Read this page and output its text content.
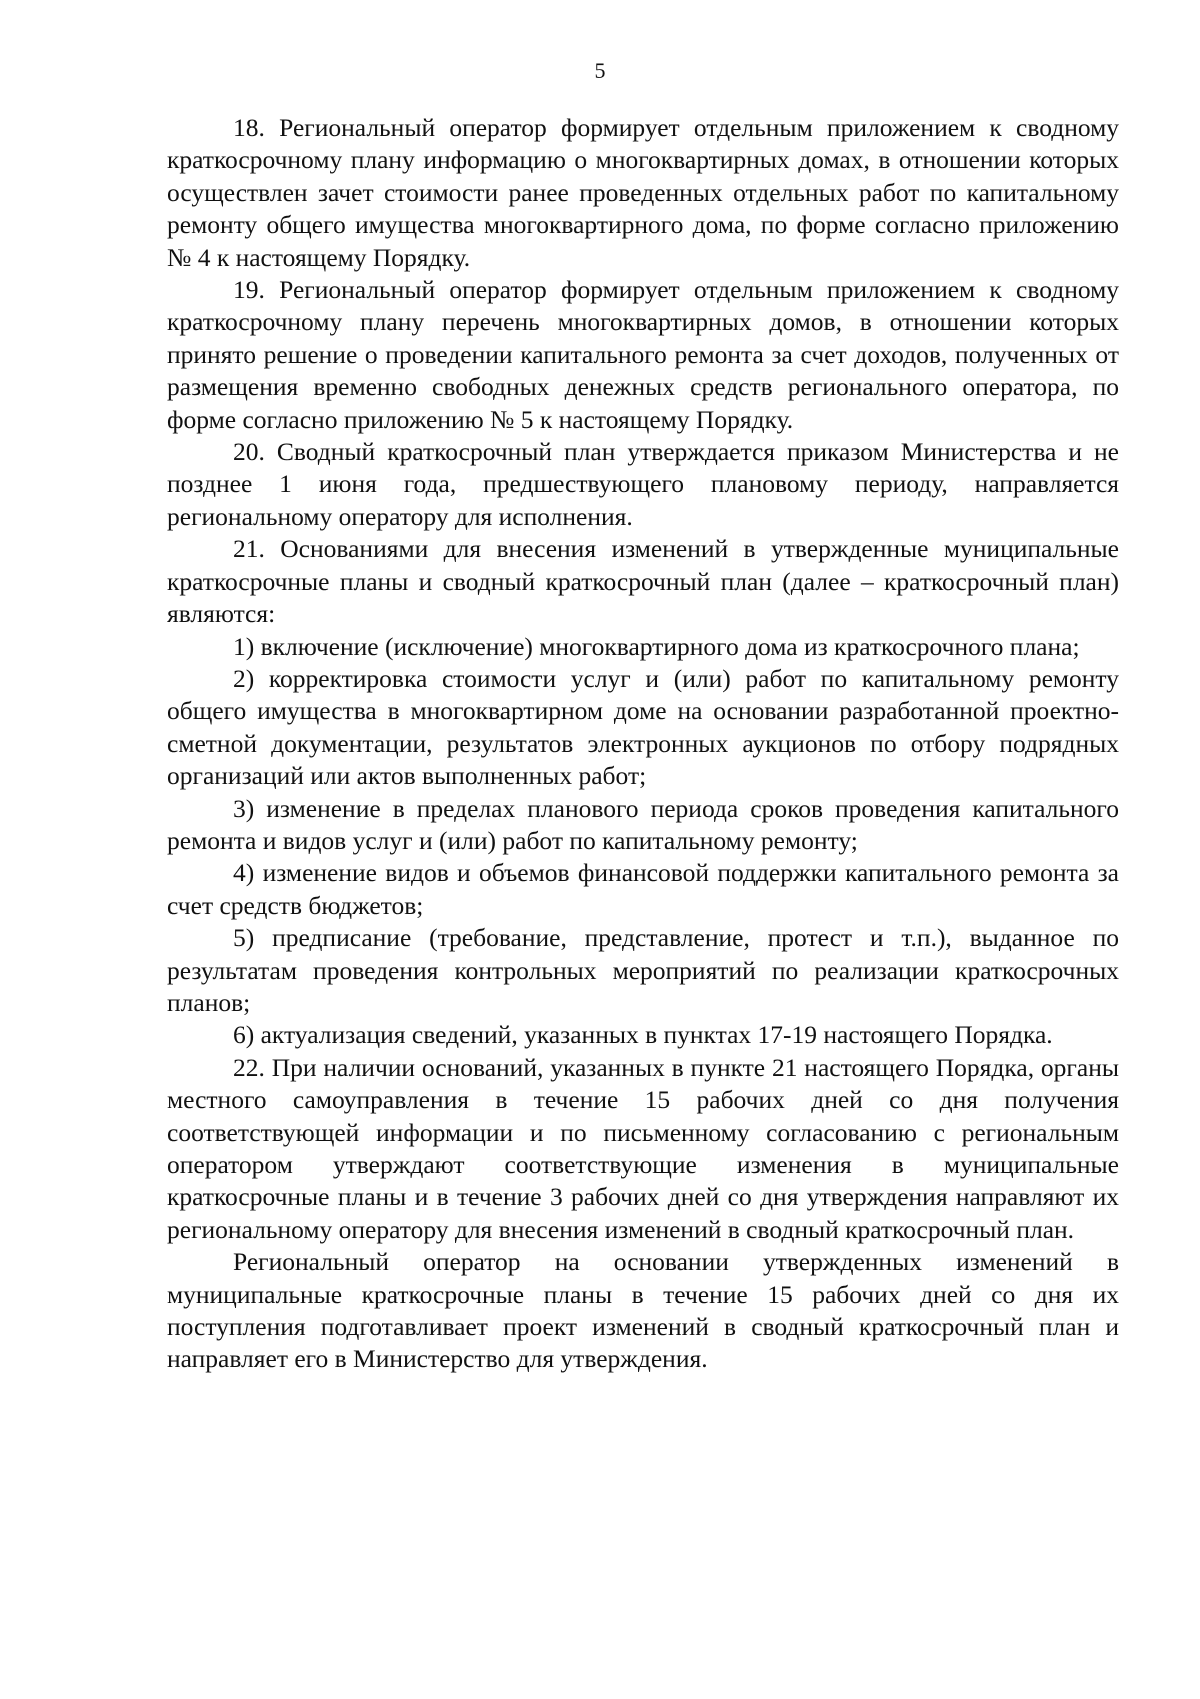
5

18. Региональный оператор формирует отдельным приложением к сводному краткосрочному плану информацию о многоквартирных домах, в отношении которых осуществлен зачет стоимости ранее проведенных отдельных работ по капитальному ремонту общего имущества многоквартирного дома, по форме согласно приложению № 4 к настоящему Порядку.

19. Региональный оператор формирует отдельным приложением к сводному краткосрочному плану перечень многоквартирных домов, в отношении которых принято решение о проведении капитального ремонта за счет доходов, полученных от размещения временно свободных денежных средств регионального оператора, по форме согласно приложению № 5 к настоящему Порядку.

20. Сводный краткосрочный план утверждается приказом Министерства и не позднее 1 июня года, предшествующего плановому периоду, направляется региональному оператору для исполнения.

21. Основаниями для внесения изменений в утвержденные муниципальные краткосрочные планы и сводный краткосрочный план (далее – краткосрочный план) являются:

1) включение (исключение) многоквартирного дома из краткосрочного плана;

2) корректировка стоимости услуг и (или) работ по капитальному ремонту общего имущества в многоквартирном доме на основании разработанной проектно-сметной документации, результатов электронных аукционов по отбору подрядных организаций или актов выполненных работ;

3) изменение в пределах планового периода сроков проведения капитального ремонта и видов услуг и (или) работ по капитальному ремонту;

4) изменение видов и объемов финансовой поддержки капитального ремонта за счет средств бюджетов;

5) предписание (требование, представление, протест и т.п.), выданное по результатам проведения контрольных мероприятий по реализации краткосрочных планов;

6) актуализация сведений, указанных в пунктах 17-19 настоящего Порядка.

22. При наличии оснований, указанных в пункте 21 настоящего Порядка, органы местного самоуправления в течение 15 рабочих дней со дня получения соответствующей информации и по письменному согласованию с региональным оператором утверждают соответствующие изменения в муниципальные краткосрочные планы и в течение 3 рабочих дней со дня утверждения направляют их региональному оператору для внесения изменений в сводный краткосрочный план.

Региональный оператор на основании утвержденных изменений в муниципальные краткосрочные планы в течение 15 рабочих дней со дня их поступления подготавливает проект изменений в сводный краткосрочный план и направляет его в Министерство для утверждения.
